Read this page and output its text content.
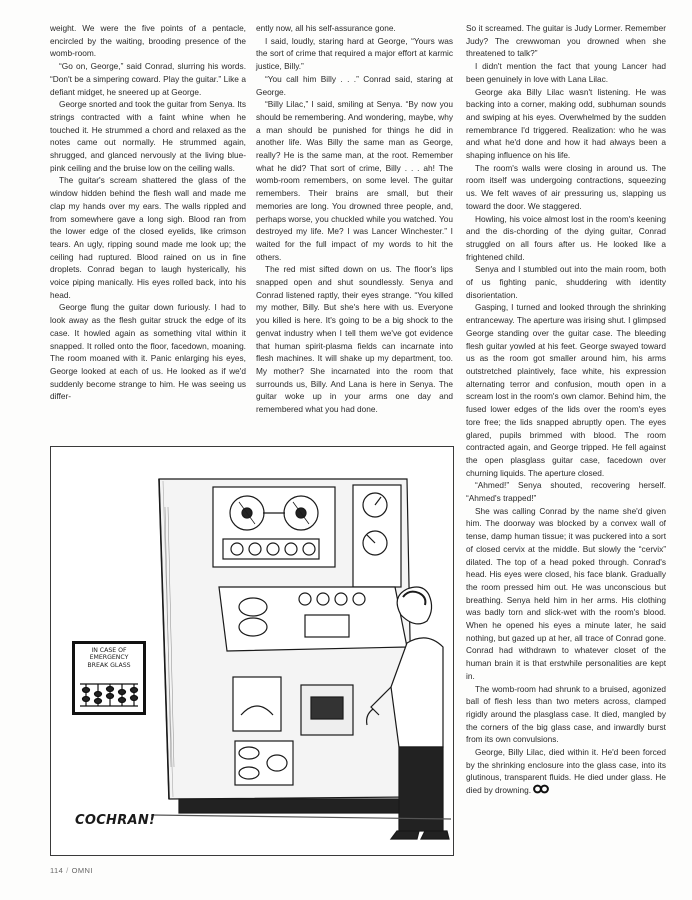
weight. We were the five points of a pentacle, encircled by the waiting, brooding presence of the womb-room.

“Go on, George,” said Conrad, slurring his words. “Don't be a simpering coward. Play the guitar.” Like a defiant midget, he sneered up at George.

George snorted and took the guitar from Senya. Its strings contracted with a faint whine when he touched it. He strummed a chord and relaxed as the notes came out normally. He strummed again, shrugged, and glanced nervously at the living blue-pink ceiling and the bruise low on the ceiling walls.

The guitar's scream shattered the glass of the window hidden behind the flesh wall and made me clap my hands over my ears. The walls rippled and from somewhere gave a long sigh. Blood ran from the lower edge of the closed eyelids, like crimson tears. An ugly, ripping sound made me look up; the ceiling had ruptured. Blood rained on us in fine droplets. Conrad began to laugh hysterically, his voice piping manically. His eyes rolled back, into his head.

George flung the guitar down furiously. I had to look away as the flesh guitar struck the edge of its case. It howled again as something vital within it snapped. It rolled onto the floor, facedown, moaning. The room moaned with it. Panic enlarging his eyes, George looked at each of us. He looked as if we'd suddenly become strange to him. He was seeing us differ-

ently now, all his self-assurance gone.

I said, loudly, staring hard at George, “Yours was the sort of crime that required a major effort at karmic justice, Billy.”

“You call him Billy . . .” Conrad said, staring at George.

“Billy Lilac,” I said, smiling at Senya. “By now you should be remembering. And wondering, maybe, why a man should be punished for things he did in another life. Was Billy the same man as George, really? He is the same man, at the root. Remember what he did? That sort of crime, Billy . . . ah! The womb-room remembers, on some level. The guitar remembers. Their brains are small, but their memories are long. You drowned three people, and, perhaps worse, you chuckled while you watched. You destroyed my life. Me? I was Lancer Winchester.” I waited for the full impact of my words to hit the others.

The red mist sifted down on us. The floor's lips snapped open and shut soundlessly. Senya and Conrad listened raptly, their eyes strange. “You killed my mother, Billy. But she's here with us. Everyone you killed is here. It's going to be a big shock to the genvat industry when I tell them we've got evidence that human spirit-plasma fields can incarnate into flesh machines. It will shake up my department, too. My mother? She incarnated into the room that surrounds us, Billy. And Lana is here in Senya. The guitar woke up in your arms one day and remembered what you had done.

So it screamed. The guitar is Judy Lormer. Remember Judy? The crewwoman you drowned when she threatened to talk?”

I didn't mention the fact that young Lancer had been genuinely in love with Lana Lilac.

George aka Billy Lilac wasn't listening. He was backing into a corner, making odd, subhuman sounds and swiping at his eyes. Overwhelmed by the sudden remembrance I'd triggered. Realization: who he was and what he'd done and how it had always been a shaping influence on his life.

The room's walls were closing in around us. The room itself was undergoing contractions, squeezing us. We felt waves of air pressuring us, slapping us toward the door. We staggered.

Howling, his voice almost lost in the room's keening and the dis-chording of the dying guitar, Conrad struggled on all fours after us. He looked like a frightened child.

Senya and I stumbled out into the main room, both of us fighting panic, shuddering with identity disorientation.

Gasping, I turned and looked through the shrinking entranceway. The aperture was irising shut. I glimpsed George standing over the guitar case. The bleeding flesh guitar yowled at his feet. George swayed toward us as the room got smaller around him, his arms outstretched plaintively, face white, his expression alternating terror and confusion, mouth open in a scream lost in the room's own clamor. Behind him, the fused lower edges of the lids over the room's eyes tore free; the lids snapped abruptly open. The eyes glared, pupils brimmed with blood. The room contracted again, and George tripped. He fell against the open plasglass guitar case, facedown over churning liquids. The aperture closed.

“Ahmed!” Senya shouted, recovering herself. “Ahmed's trapped!”

She was calling Conrad by the name she'd given him. The doorway was blocked by a convex wall of tense, damp human tissue; it was puckered into a sort of closed cervix at the middle. But slowly the “cervix” dilated. The top of a head poked through. Conrad's head. His eyes were closed, his face blank. Gradually the room pressed him out. He was unconscious but breathing. Senya held him in her arms. His clothing was badly torn and slick-wet with the room's blood. When he opened his eyes a minute later, he said nothing, but gazed up at her, all trace of Conrad gone. Conrad had withdrawn to whatever closet of the human brain it is that erstwhile personalities are kept in.

The womb-room had shrunk to a bruised, agonized ball of flesh less than two meters across, clamped rigidly around the plasglass case. It died, mangled by the corners of the big glass case, and inwardly burst from its own convulsions.

George, Billy Lilac, died within it. He'd been forced by the shrinking enclosure into the glass case, into its glutinous, transparent fluids. He died under glass. He died by drowning.

IN CASE OF EMERGENCY BREAK GLASS
COCHRAN!
114 / OMNI
